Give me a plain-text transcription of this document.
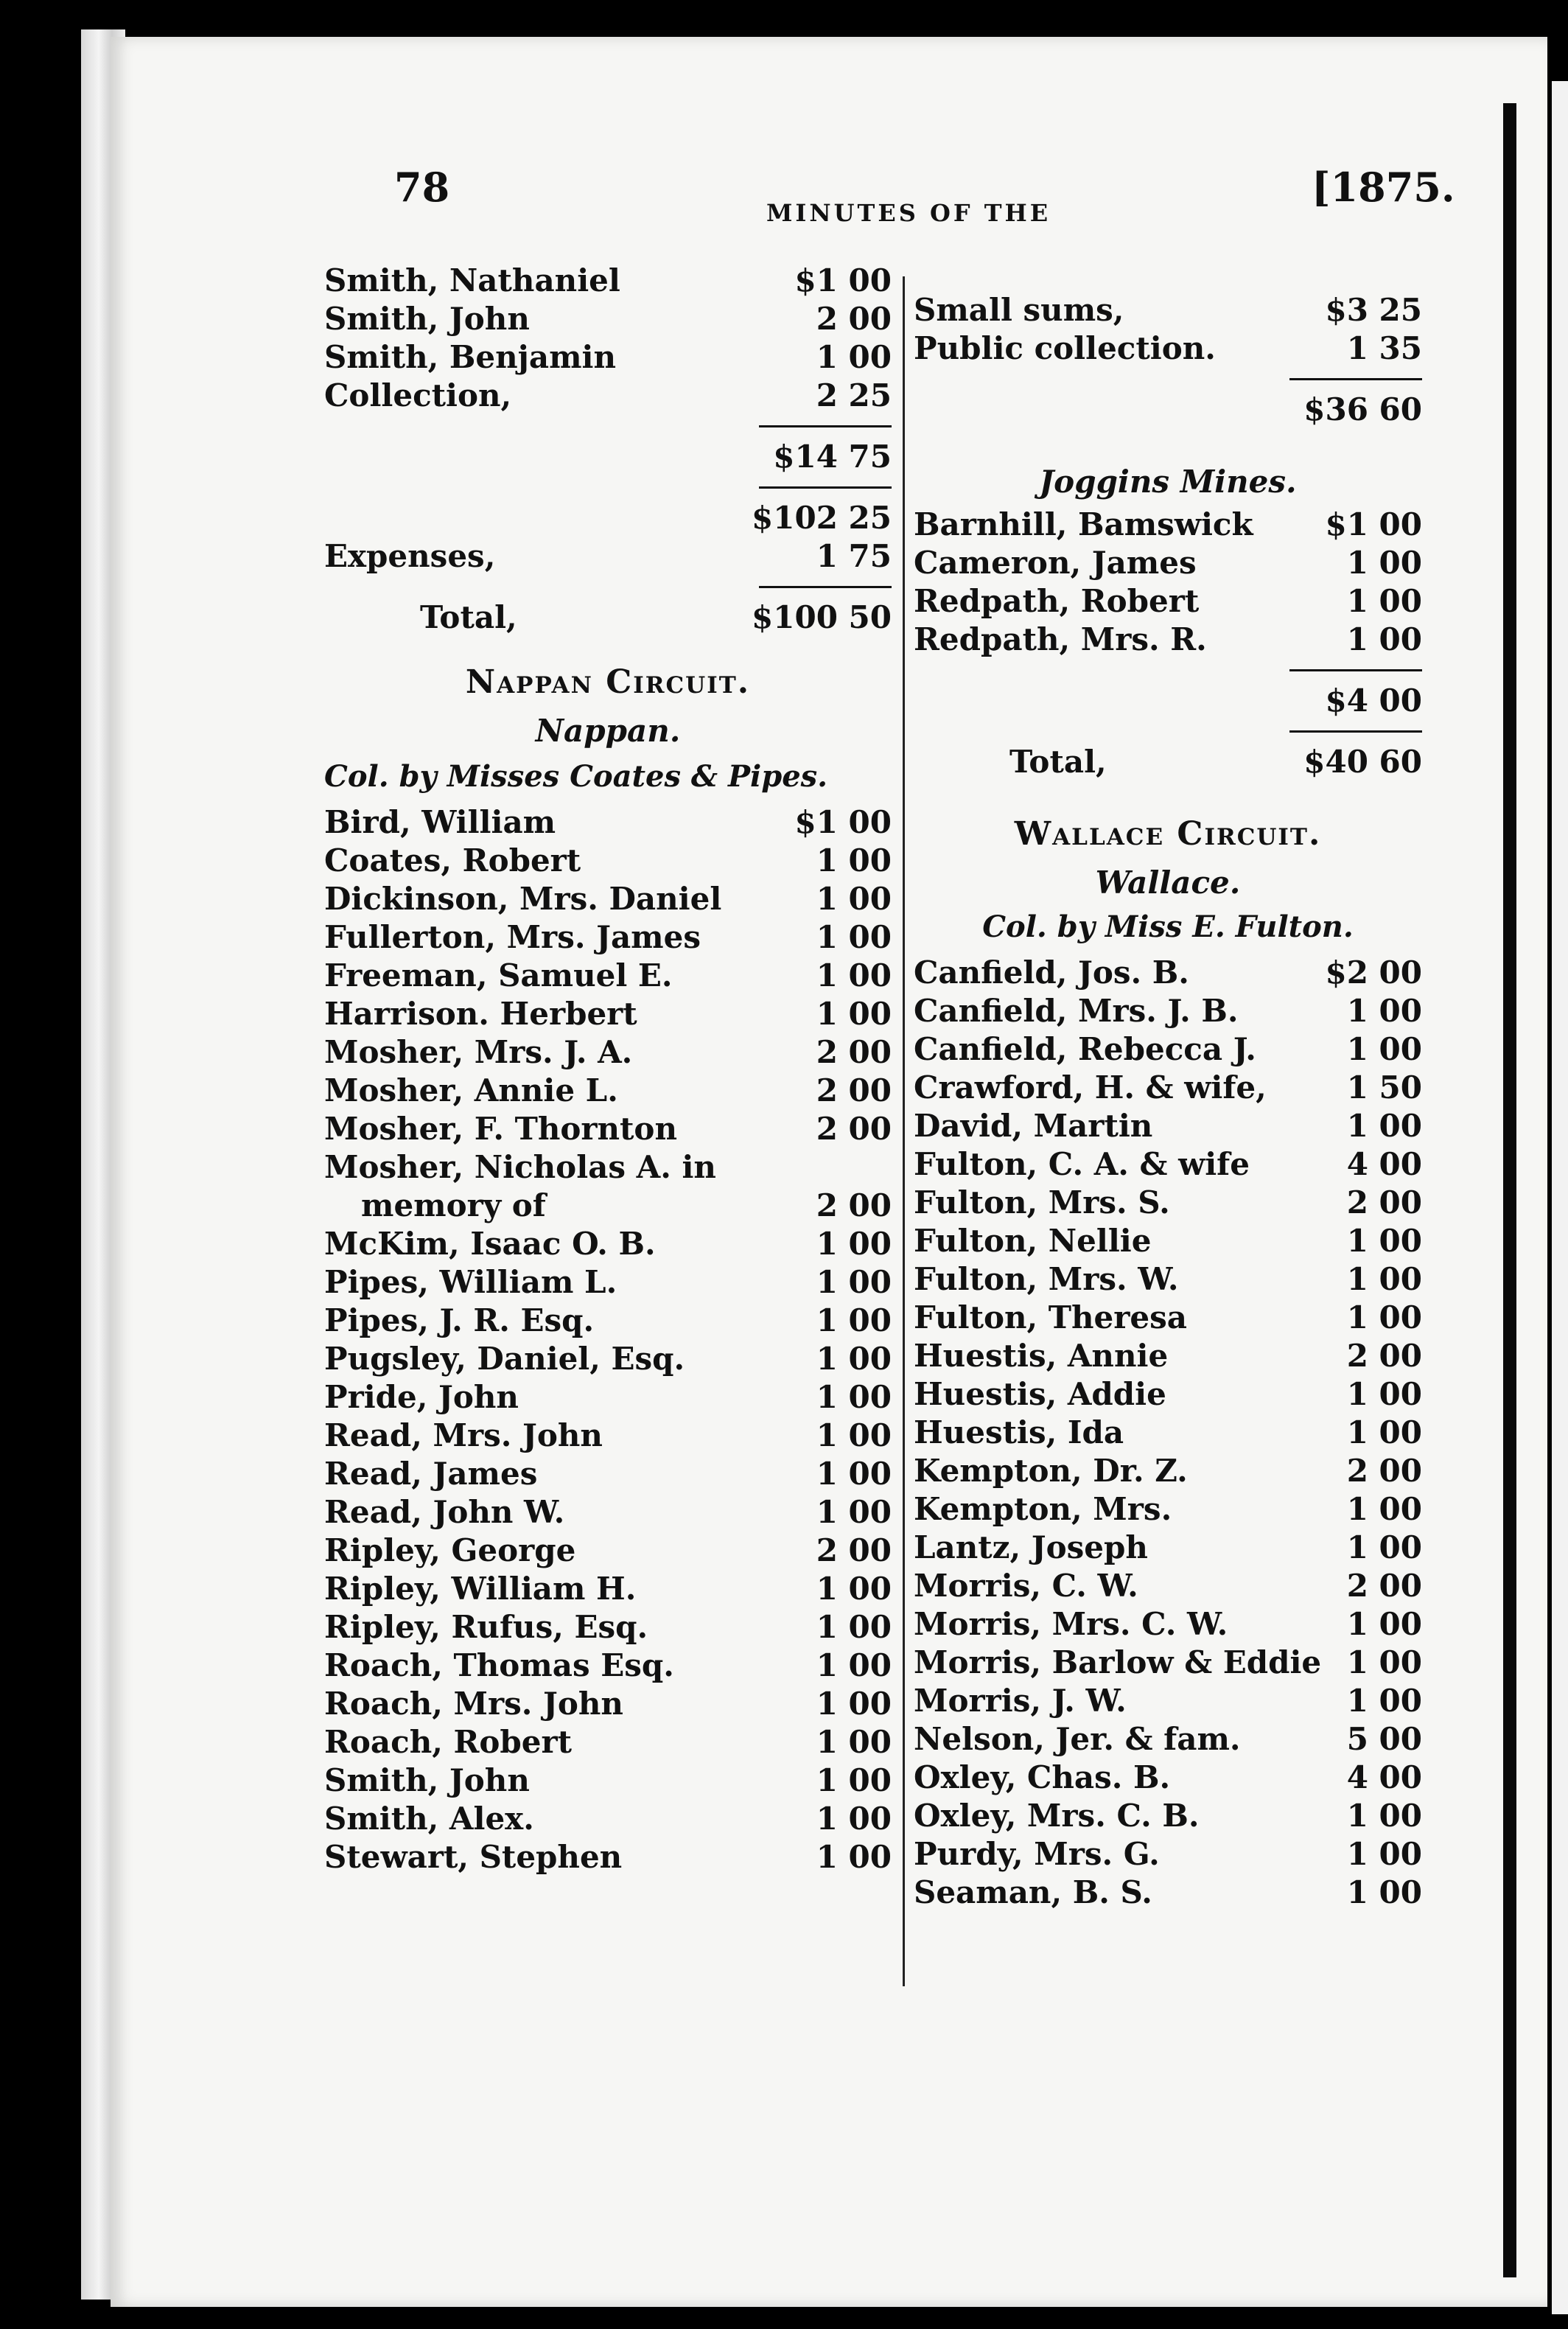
78
MINUTES OF THE
[1875.
Smith, Nathaniel	$1 00
Smith, John	2 00
Smith, Benjamin	1 00
Collection,	2 25
$14 75
$102 25
Expenses,	1 75
Total,	$100 50
Nappan Circuit.
Nappan.
Col. by Misses Coates & Pipes.
Bird, William	$1 00
Coates, Robert	1 00
Dickinson, Mrs. Daniel	1 00
Fullerton, Mrs. James	1 00
Freeman, Samuel E.	1 00
Harrison. Herbert	1 00
Mosher, Mrs. J. A.	2 00
Mosher, Annie L.	2 00
Mosher, F. Thornton	2 00
Mosher, Nicholas A. in
memory of	2 00
McKim, Isaac O. B.	1 00
Pipes, William L.	1 00
Pipes, J. R. Esq.	1 00
Pugsley, Daniel, Esq.	1 00
Pride, John	1 00
Read, Mrs. John	1 00
Read, James	1 00
Read, John W.	1 00
Ripley, George	2 00
Ripley, William H.	1 00
Ripley, Rufus, Esq.	1 00
Roach, Thomas Esq.	1 00
Roach, Mrs. John	1 00
Roach, Robert	1 00
Smith, John	1 00
Smith, Alex.	1 00
Stewart, Stephen	1 00
Small sums,	$3 25
Public collection.	1 35
$36 60
Joggins Mines.
Barnhill, Bamswick $1 00
Cameron, James	1 00
Redpath, Robert	1 00
Redpath, Mrs. R.	1 00
$4 00
Total,	$40 60
Wallace Circuit.
Wallace.
Col. by Miss E. Fulton.
Canfield, Jos. B.	$2 00
Canfield, Mrs. J. B.	1 00
Canfield, Rebecca J.	1 00
Crawford, H. & wife,	1 50
David, Martin	1 00
Fulton, C. A. & wife	4 00
Fulton, Mrs. S.	2 00
Fulton, Nellie	1 00
Fulton, Mrs. W.	1 00
Fulton, Theresa	1 00
Huestis, Annie	2 00
Huestis, Addie	1 00
Huestis, Ida	1 00
Kempton, Dr. Z.	2 00
Kempton, Mrs.	1 00
Lantz, Joseph	1 00
Morris, C. W.	2 00
Morris, Mrs. C. W.	1 00
Morris, Barlow & Eddie 1 00
Morris, J. W.	1 00
Nelson, Jer. & fam.	5 00
Oxley, Chas. B.	4 00
Oxley, Mrs. C. B.	1 00
Purdy, Mrs. G.	1 00
Seaman, B. S.	1 00
